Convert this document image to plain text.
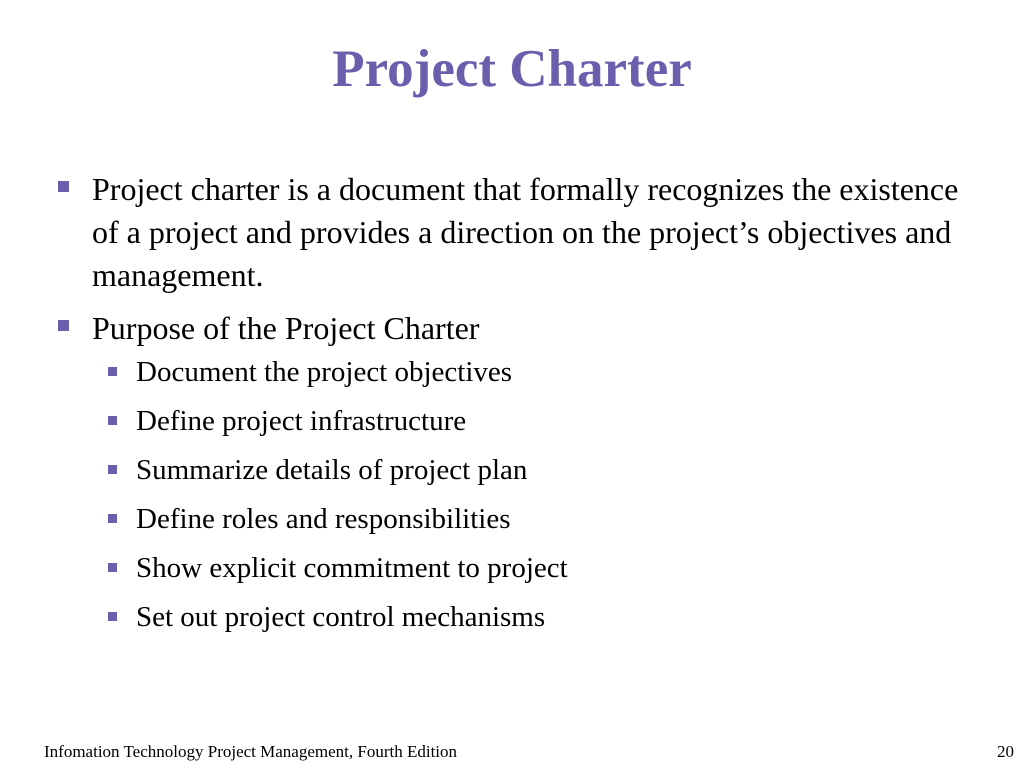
Project Charter
Project charter is a document that formally recognizes the existence of a project and provides a direction on the project’s objectives and management.
Purpose of the Project Charter
Document the project objectives
Define project infrastructure
Summarize details of project plan
Define roles and responsibilities
Show explicit commitment to project
Set out project control mechanisms
Infomation Technology Project Management, Fourth Edition	20
